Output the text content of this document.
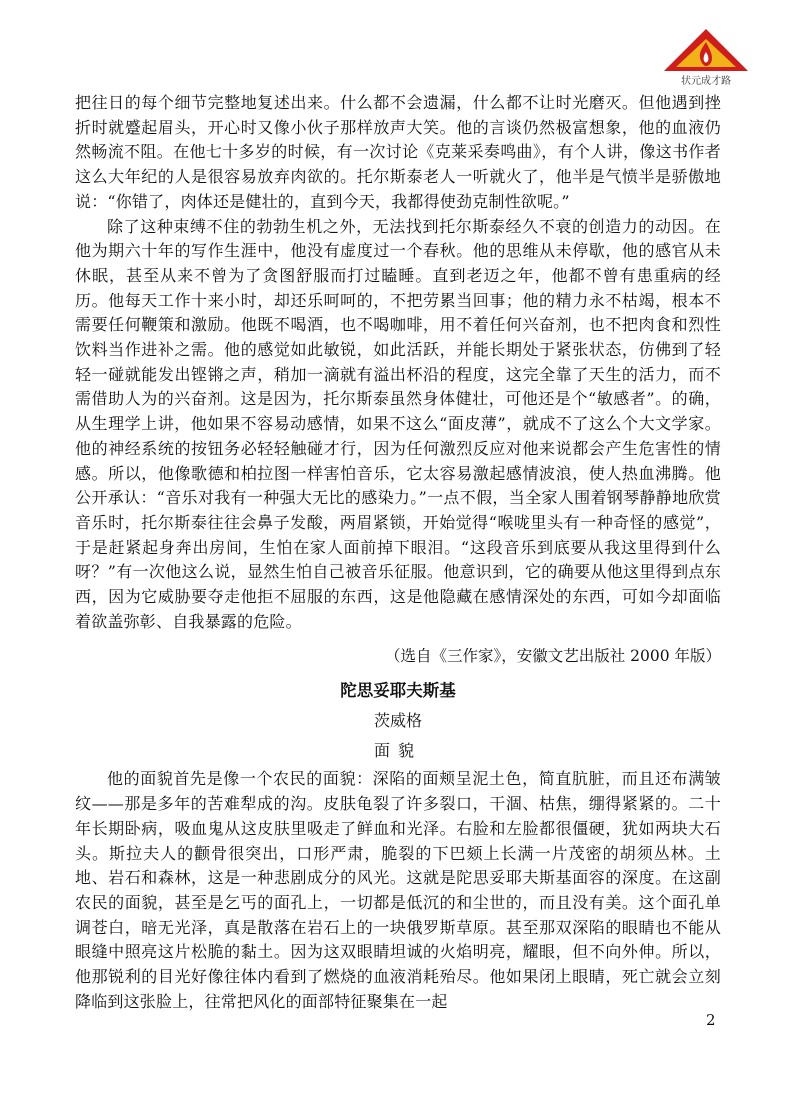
状元成才路

把往日的每个细节完整地复述出来。什么都不会遗漏，什么都不让时光磨灭。但他遇到挫折时就蹙起眉头，开心时又像小伙子那样放声大笑。他的言谈仍然极富想象，他的血液仍然畅流不阻。在他七十多岁的时候，有一次讨论《克莱采奏鸣曲》，有个人讲，像这书作者这么大年纪的人是很容易放弃肉欲的。托尔斯泰老人一听就火了，他半是气愤半是骄傲地说：“你错了，肉体还是健壮的，直到今天，我都得使劲克制性欲呢。”

除了这种束缚不住的勃勃生机之外，无法找到托尔斯泰经久不衰的创造力的动因。在他为期六十年的写作生涯中，他没有虚度过一个春秋。他的思维从未停歇，他的感官从未休眠，甚至从来不曾为了贪图舒服而打过瞌睡。直到老迈之年，他都不曾有患重病的经历。他每天工作十来小时，却还乐呵呵的，不把劳累当回事；他的精力永不枯竭，根本不需要任何鞭策和激励。他既不喝酒，也不喝咖啡，用不着任何兴奋剂，也不把肉食和烈性饮料当作进补之需。他的感觉如此敏锐，如此活跃，并能长期处于紧张状态，仿佛到了轻轻一碰就能发出铿锵之声，稍加一滴就有溢出杯沿的程度，这完全靠了天生的活力，而不需借助人为的兴奋剂。这是因为，托尔斯泰虽然身体健壮，可他还是个“敏感者”。的确，从生理学上讲，他如果不容易动感情，如果不这么“面皮薄”，就成不了这么个大文学家。他的神经系统的按钮务必轻轻触碰才行，因为任何激烈反应对他来说都会产生危害性的情感。所以，他像歌德和柏拉图一样害怕音乐，它太容易激起感情波浪，使人热血沸腾。他公开承认：“音乐对我有一种强大无比的感染力。”一点不假，当全家人围着钢琴静静地欣赏音乐时，托尔斯泰往往会鼻子发酸，两眉紧锁，开始觉得“喉咙里头有一种奇怪的感觉”，于是赶紧起身奔出房间，生怕在家人面前掉下眼泪。“这段音乐到底要从我这里得到什么呀？”有一次他这么说，显然生怕自己被音乐征服。他意识到，它的确要从他这里得到点东西，因为它威胁要夺走他拒不屈服的东西，这是他隐藏在感情深处的东西，可如今却面临着欲盖弥彰、自我暴露的危险。

（选自《三作家》，安徽文艺出版社 2000 年版）

陀思妥耶夫斯基
茨威格
面貌

他的面貌首先是像一个农民的面貌：深陷的面颊呈泥土色，简直肮脏，而且还布满皱纹——那是多年的苦难犁成的沟。皮肤龟裂了许多裂口，干涸、枯焦，绷得紧紧的。二十年长期卧病，吸血鬼从这皮肤里吸走了鲜血和光泽。右脸和左脸都很僵硬，犹如两块大石头。斯拉夫人的颧骨很突出，口形严肃，脆裂的下巴颏上长满一片茂密的胡须丛林。土地、岩石和森林，这是一种悲剧成分的风光。这就是陀思妥耶夫斯基面容的深度。在这副农民的面貌，甚至是乞丐的面孔上，一切都是低沉的和尘世的，而且没有美。这个面孔单调苍白，暗无光泽，真是散落在岩石上的一块俄罗斯草原。甚至那双深陷的眼睛也不能从眼缝中照亮这片松脆的黏土。因为这双眼睛坦诚的火焰明亮，耀眼，但不向外伸。所以，他那锐利的目光好像往体内看到了燃烧的血液消耗殆尽。他如果闭上眼睛，死亡就会立刻降临到这张脸上，往常把风化的面部特征聚集在一起

2
